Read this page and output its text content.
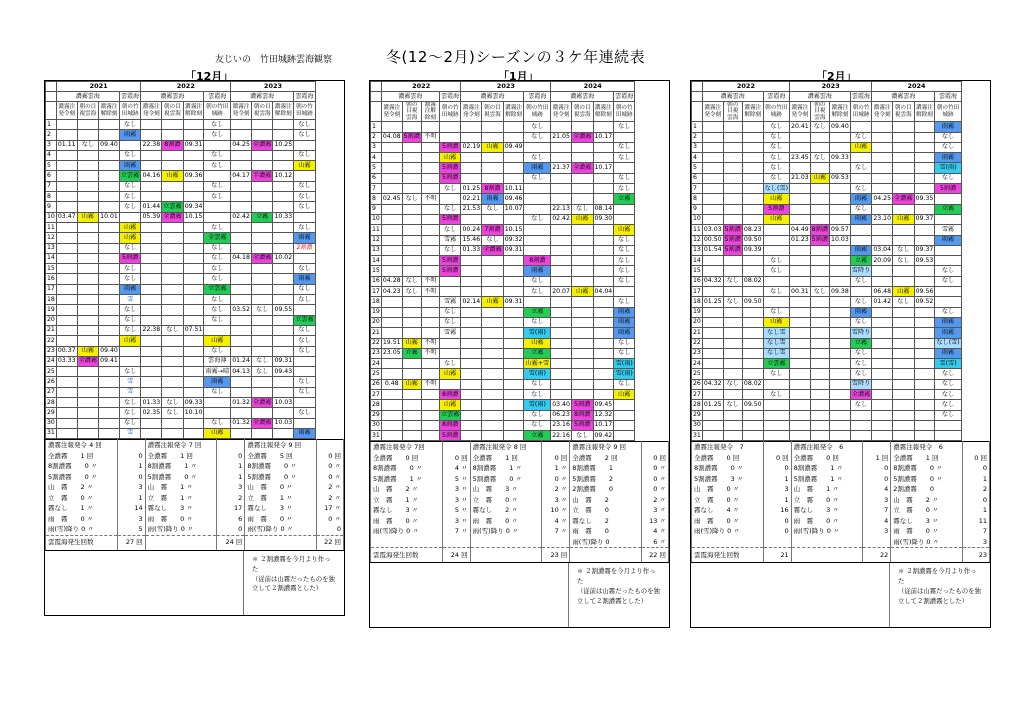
友じいの　竹田城跡雲海観察	冬(12〜2月)シーズンの３ケ年連続表
「12月」	「1月」	「2月」
	2021				2022				2023			
	濃霧雲海			雲霞海	濃霧雲海			雲霞海	濃霧雲海			雲霞海
	濃霧注発令刻	朝の目視雲海	濃霧注解除刻	朝の竹田城跡	濃霧注発令刻	朝の目視雲海	濃霧注解除刻	朝の竹田城跡	濃霧注発令刻	朝の目視雲海	濃霧注解除刻	朝の竹田城跡
1				なし				なし				なし
2				雨霧				なし				なし
3	01.11	なし	09.40		22.38	8割濃	09.31		04.25	全濃霧	10.25	
4				なし				なし				なし
5				雨霧				なし				山霧
6				立雲霧	04.16	山霧	09.36		04.17	半濃霧	10.12	
7				なし				なし				なし
8				なし				なし				なし
9				なし	01.44	立雲霧	09.34					なし
10	03.47	山霧	10.01		05.39	全濃霧	10.15		02.42	立霧	10.33	
11				山霧				なし				なし
12				山霧				全雲霧				雨霧
13				なし				なし				2割濃
14				5割濃				なし	04.18	全濃霧	10.02	
15				なし				なし				なし
16				なし				なし				雨霧
17				雨霧				立雲霧				なし
18				雪				なし				なし
19				なし				なし	03.52	なし	09.55	
20				なし				なし				立雲霧
21				なし	22.38	なし	07.51					なし
22				山霧				山霧				なし
23	00.37	山霧	09.40					なし				なし
24	03.33	全濃霧	09.41					雲海薄	01.24	なし	09.31	
25				なし				雨霧→晴	04.13	なし	09.43	
26				雪				雨霧				なし
27				雪				なし				なし
28				なし	01.33	なし	09.33		01.32	全濃霧	10.03	
29				なし	02.35	なし	10.10					なし
30				なし				なし	01.32	全濃霧	10.03	
31				雪				山霧				雨霧
濃霧注報発令 4 回		濃霧注報発令 7 回		濃霧注報発令 9 回	
全濃霧　　1 回	0	全濃霧　　1 回	0	全濃霧　　5 回	0 回
8割濃霧　　0 〃	1	8割濃霧　　1 〃	1	8割濃霧　　0 〃	0 〃
5割濃霧　　0 〃	0	5割濃霧　　0 〃	1	5割濃霧　　0 〃	0 〃
山　霧　　2 〃	3	山　霧　　1 〃	3	山　霧　　0 〃	2 〃
立　霧　　0 〃	1	立　霧　　1 〃	2	立　霧　　1 〃	2 〃
霧なし　　1 〃	14	霧なし　　3 〃	17	霧なし　　3 〃	17 〃
雨　霧　　0 〃	3	雨　霧　　0 〃	6	雨　霧　　0 〃	0 〃
雨(雪)降り 0 〃	5	雨(雪)降り 0 〃	0	雨(雪)降り 0 〃	0
雲霞海発生回数	27 回		24 回		22 回
＊ ２割濃霧を今月より作った
（従前は山霧だったものを独
立して２割濃霧とした）
	2022				2023				2024			
	濃霧雲海			雲霞海	濃霧雲海			雲霞海	濃霧雲海			雲霞海
	濃霧注発令刻	朝の目視雲海	濃霧注解除刻	朝の竹田城跡	濃霧注発令刻	朝の目視雲海	濃霧注解除刻	朝の竹田城跡	濃霧注発令刻	朝の目視雲海	濃霧注解除刻	朝の竹田城跡
1								なし				なし
2	04.08	5割濃	不明					なし	21.05	全濃霧	10.17	
3				5割濃	02.19	山霧	09.49					なし
4				山霧				なし				なし
5				5割濃				雨霧	21.37	全濃霧	10.17	
6				5割濃				なし				なし
7				なし	01.25	8割濃	10.11					なし
8	02.45	なし	不明		02.21	雨霧	09.46					立霧
9				なし	21.53	なし	10.07		22.13	なし	08.14	
10				5割濃				なし	02.42	山霧	09.30	
11				なし	00.24	7割濃	10.15					山霧
12				雪霧	15.46	なし	09.32					なし
13				なし	01.33	全濃霧	09.31					なし
14				5割濃				8割濃				なし
15				5割濃				雨霧				なし
16	04.28	なし	不明					なし				なし
17	04.23	なし	不明					なし	20.07	山霧	04.04	
18				雪霧	02.14	山霧	09.31					なし
19				なし				立霧				雨霧
20				なし				なし				雨霧
21				雪霧				雪(雨)				雨霧
22	19.51	山霧	不明					山霧				なし
23	23.05	立霧	不明					立霧				なし
24				なし				山霧+雪				雪(雨)
25				山霧				雪(雨)				雪(雨)
26	0.48	山霧	不明					なし				なし
27				8割濃				なし				山霧
28				山霧				雪(雨)	03.40	5割濃	09.45	
29				立雲霧				なし	06.23	8割濃	12.32	
30				8割濃				なし	23.16	5割濃	10.17	
31				5割濃				立霧	22.16	なし	09.42	
濃霧注報発令 7回		濃霧注報発令 8 回		濃霧注報発令 9 回	
全濃霧　　0 回	0 回	全濃霧　　1 回	0 回	全濃霧　　2 回	0 回
8割濃霧　　0 〃	4 〃	8割濃霧　　1 〃	1 〃	8割濃霧　　1	0 〃
5割濃霧　　1 〃	5 〃	5割濃霧　　0 〃	0 〃	5割濃霧　　2	0 〃
山　霧　　2 〃	3 〃	山　霧　　3 〃	2 〃	2割濃霧　　0	0 〃
立　霧　　1 〃	3 〃	立　霧　　0 〃	3 〃	山　霧　　2	2 〃
霧なし　　3 〃	5 〃	霧なし　　2 〃	10 〃	立　霧　　0	3 〃
雨　霧　　0 〃	3 〃	雨　霧　　0 〃	4 〃	霧なし　　2	13 〃
雨(雪)降り 0 〃	7 〃	雨(雪)降り 0 〃	7 〃	雨　霧　　0	4 〃
				雨(雪)降り 0	6 〃
雲霞海発生回数	24 回		23 回		22 回
＊ ２割濃霧を今月より作った
（従前は山霧だったものを独
立して２割濃霧とした）
	2022				2023				2024			
	濃霧雲海			雲霞海	濃霧雲海			雲霞海	濃霧雲海			雲霞海
	濃霧注発令刻	朝の目視雲海	濃霧注解除刻	朝の竹田城跡	濃霧注発令刻	朝の目視雲海	濃霧注解除刻	朝の竹田城跡	濃霧注発令刻	朝の目視雲海	濃霧注解除刻	朝の竹田城跡
1				なし	20.41	なし	09.40					雨霧
2				なし				なし				なし
3				なし				山霧				なし
4				なし	23.45	なし	09.33					雨霧
5				なし				なし				雪(雨)
6				なし	21.03	山霧	09.53					なし
7				なし(雪)				なし				5割濃
8				山霧				雨霧	04.25	全濃霧	09.35	
9				5割濃				なし				立霧
10				山霧				雨霧	23.10	山霧	09.37	
11	03.03	5割濃	08.23		04.49	8割濃	09.57					雪霧
12	00.50	5割濃	09.50		01.23	5割濃	10.03					雨霧
13	01.54	5割濃	09.39					雨霧	03.04	なし	09.37	
14				なし				立霧	20.09	なし	09.53	
15				なし				雪降り				なし
16	04.32	なし	08.02					なし				なし
17				なし	00.31	なし	09.38		06.48	山霧	09.56	
18	01.25	なし	09.50					なし	01.42	なし	09.52	
19				なし				雨霧				なし
20				山霧				なし				雨霧
21				なし雪				雪降り				雨霧
22				なし雪				立霧				なし(雪)
23				なし雪				なし				雨霧
24				立雲霧				なし				雪(雪)
25				なし				なし				なし
26	04.32	なし	08.02					雪降り				なし
27				なし				全濃霧				なし
28	01.25	なし	09.50					なし				なし
29												なし
30												
31												
濃霧注報発令　7		濃霧注報発令　6		濃霧注報発令　6	
全濃霧　　0 回	0 回	全濃霧　　0 回	1 回	全濃霧　　1 回	0 回
8割濃霧　　0 〃	0	8割濃霧　　1 〃	0	8割濃霧　　0 〃	0
5割濃霧　　3 〃	1	5割濃霧　　1 〃	0	5割濃霧　　0 〃	1
山　霧　　0 〃	3	山　霧　　1 〃	4	2割濃霧　　0	2
立　霧　　0 〃	1	立　霧　　0 〃	3	山　霧　　2 〃	0
霧なし　　4 〃	16	霧なし　　3 〃	7	立　霧　　0 〃	1
雨　霧　　0 〃	0	雨　霧　　0 〃	4	霧なし　　3 〃	11
雨(雪)降り 0 〃	0	雨(雪)降り 0 〃	3	雨　霧　　0 〃	7
				雨(雪)降り 0 〃	3
雲霞海発生回数	21		22		23
＊ ２割濃霧を今月より作った
（従前は山霧だったものを独
立して２割濃霧とした）
